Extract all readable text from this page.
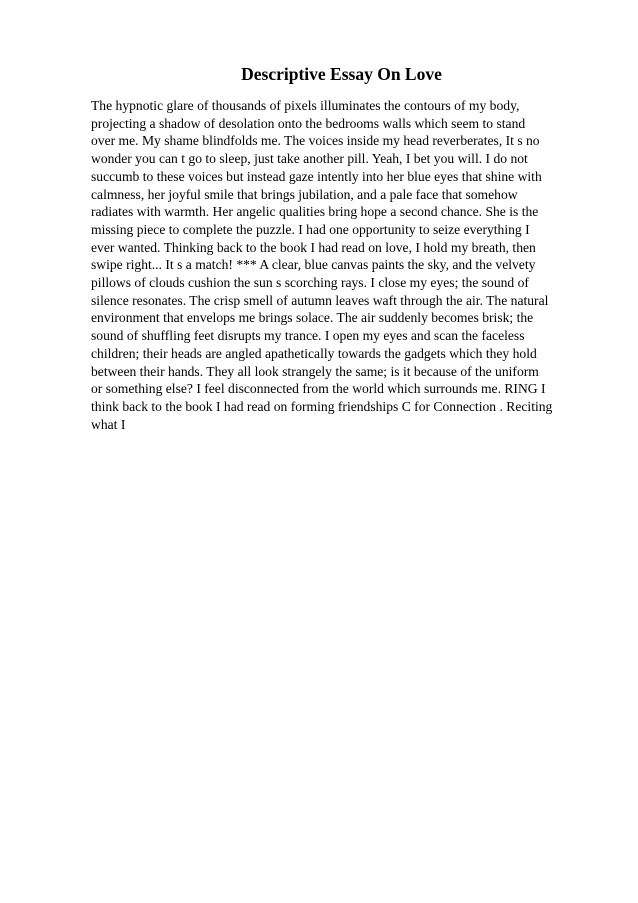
Descriptive Essay On Love
The hypnotic glare of thousands of pixels illuminates the contours of my body,
projecting a shadow of desolation onto the bedrooms walls which seem to stand
over me. My shame blindfolds me. The voices inside my head reverberates, It s no
wonder you can t go to sleep, just take another pill. Yeah, I bet you will. I do not
succumb to these voices but instead gaze intently into her blue eyes that shine with
calmness, her joyful smile that brings jubilation, and a pale face that somehow
radiates with warmth. Her angelic qualities bring hope a second chance. She is the
missing piece to complete the puzzle. I had one opportunity to seize everything I
ever wanted. Thinking back to the book I had read on love, I hold my breath, then
swipe right... It s a match! *** A clear, blue canvas paints the sky, and the velvety
pillows of clouds cushion the sun s scorching rays. I close my eyes; the sound of
silence resonates. The crisp smell of autumn leaves waft through the air. The natural
environment that envelops me brings solace. The air suddenly becomes brisk; the
sound of shuffling feet disrupts my trance. I open my eyes and scan the faceless
children; their heads are angled apathetically towards the gadgets which they hold
between their hands. They all look strangely the same; is it because of the uniform
or something else? I feel disconnected from the world which surrounds me. RING I
think back to the book I had read on forming friendships C for Connection . Reciting
what I
